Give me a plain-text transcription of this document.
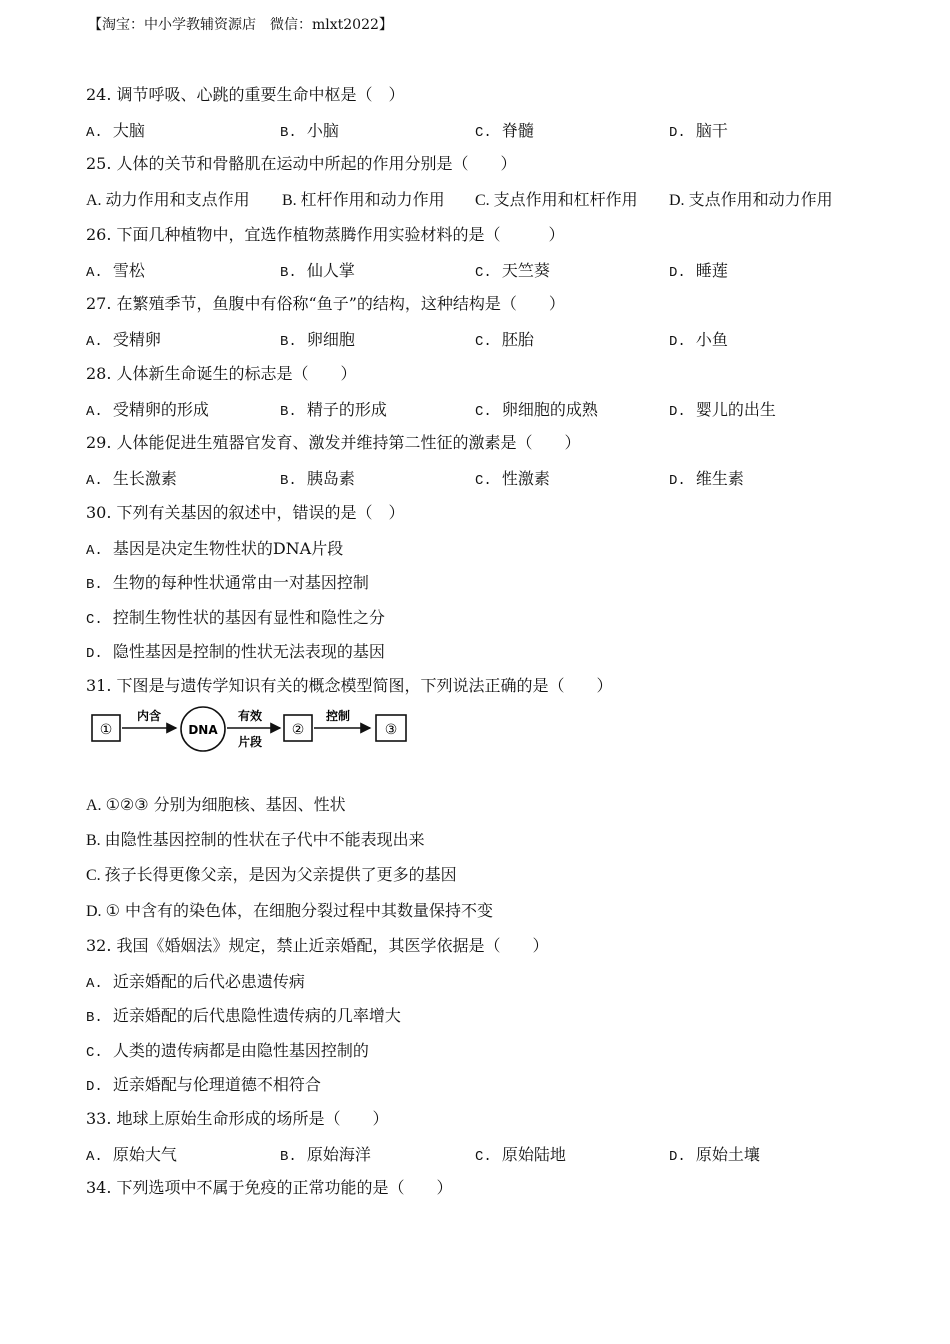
【淘宝：中小学教辅资源店　微信：mlxt2022】
24. 调节呼吸、心跳的重要生命中枢是（　）
A. 大脑	B. 小脑	C. 脊髓	D. 脑干
25. 人体的关节和骨骼肌在运动中所起的作用分别是（　　）
A. 动力作用和支点作用 B. 杠杆作用和动力作用 C. 支点作用和杠杆作用 D. 支点作用和动力作用
26. 下面几种植物中，宜选作植物蒸腾作用实验材料的是（　　　）
A. 雪松	B. 仙人掌	C. 天竺葵	D. 睡莲
27. 在繁殖季节，鱼腹中有俗称“鱼子”的结构，这种结构是（　　）
A. 受精卵	B. 卵细胞	C. 胚胎	D. 小鱼
28. 人体新生命诞生的标志是（　　）
A. 受精卵的形成	B. 精子的形成	C. 卵细胞的成熟	D. 婴儿的出生
29. 人体能促进生殖器官发育、激发并维持第二性征的激素是（　　）
A. 生长激素	B. 胰岛素	C. 性激素	D. 维生素
30. 下列有关基因的叙述中，错误的是（　）
A. 基因是决定生物性状的DNA片段
B. 生物的每种性状通常由一对基因控制
C. 控制生物性状的基因有显性和隐性之分
D. 隐性基因是控制的性状无法表现的基因
31. 下图是与遗传学知识有关的概念模型简图，下列说法正确的是（　　）
①
内含
DNA
有效
片段
②
控制
③
A. ①②③ 分别为细胞核、基因、性状
B. 由隐性基因控制的性状在子代中不能表现出来
C. 孩子长得更像父亲，是因为父亲提供了更多的基因
D. ① 中含有的染色体，在细胞分裂过程中其数量保持不变
32. 我国《婚姻法》规定，禁止近亲婚配，其医学依据是（　　）
A. 近亲婚配的后代必患遗传病
B. 近亲婚配的后代患隐性遗传病的几率增大
C. 人类的遗传病都是由隐性基因控制的
D. 近亲婚配与伦理道德不相符合
33. 地球上原始生命形成的场所是（　　）
A. 原始大气	B. 原始海洋	C. 原始陆地	D. 原始土壤
34. 下列选项中不属于免疫的正常功能的是（　　）
